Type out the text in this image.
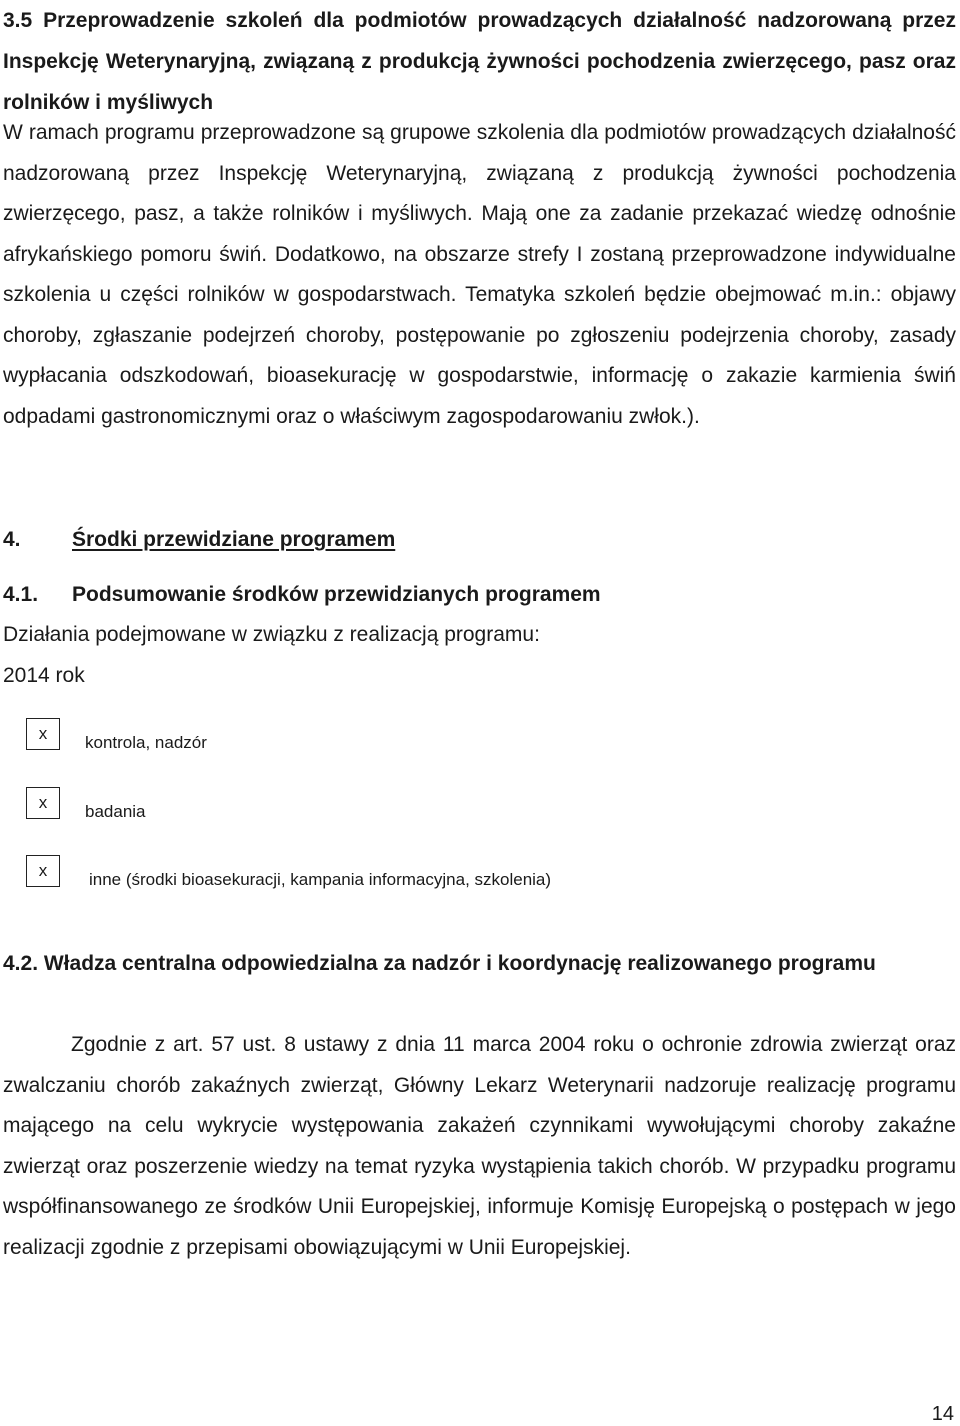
3.5 Przeprowadzenie szkoleń dla podmiotów prowadzących działalność nadzorowaną przez Inspekcję Weterynaryjną, związaną z produkcją żywności pochodzenia zwierzęcego, pasz oraz rolników i myśliwych

W ramach programu przeprowadzone są grupowe szkolenia dla podmiotów prowadzących działalność nadzorowaną przez Inspekcję Weterynaryjną, związaną z produkcją żywności pochodzenia zwierzęcego, pasz, a także rolników i myśliwych. Mają one za zadanie przekazać wiedzę odnośnie afrykańskiego pomoru świń. Dodatkowo, na obszarze strefy I zostaną przeprowadzone indywidualne szkolenia u części rolników w gospodarstwach. Tematyka szkoleń będzie obejmować m.in.: objawy choroby, zgłaszanie podejrzeń choroby, postępowanie po zgłoszeniu podejrzenia choroby, zasady wypłacania odszkodowań, bioasekurację w gospodarstwie, informację o zakazie karmienia świń odpadami gastronomicznymi oraz o właściwym zagospodarowaniu zwłok.).

4. Środki przewidziane programem

4.1. Podsumowanie środków przewidzianych programem

Działania podejmowane w związku z realizacją programu:

2014 rok

x	kontrola, nadzór
x	badania
x	inne (środki bioasekuracji, kampania informacyjna, szkolenia)

4.2. Władza centralna odpowiedzialna za nadzór i koordynację realizowanego programu

Zgodnie z art. 57 ust. 8 ustawy z dnia 11 marca 2004 roku o ochronie zdrowia zwierząt oraz zwalczaniu chorób zakaźnych zwierząt, Główny Lekarz Weterynarii nadzoruje realizację programu mającego na celu wykrycie występowania zakażeń czynnikami wywołującymi choroby zakaźne zwierząt oraz poszerzenie wiedzy na temat ryzyka wystąpienia takich chorób. W przypadku programu współfinansowanego ze środków Unii Europejskiej, informuje Komisję Europejską o postępach w jego realizacji zgodnie z przepisami obowiązującymi w Unii Europejskiej.

14
